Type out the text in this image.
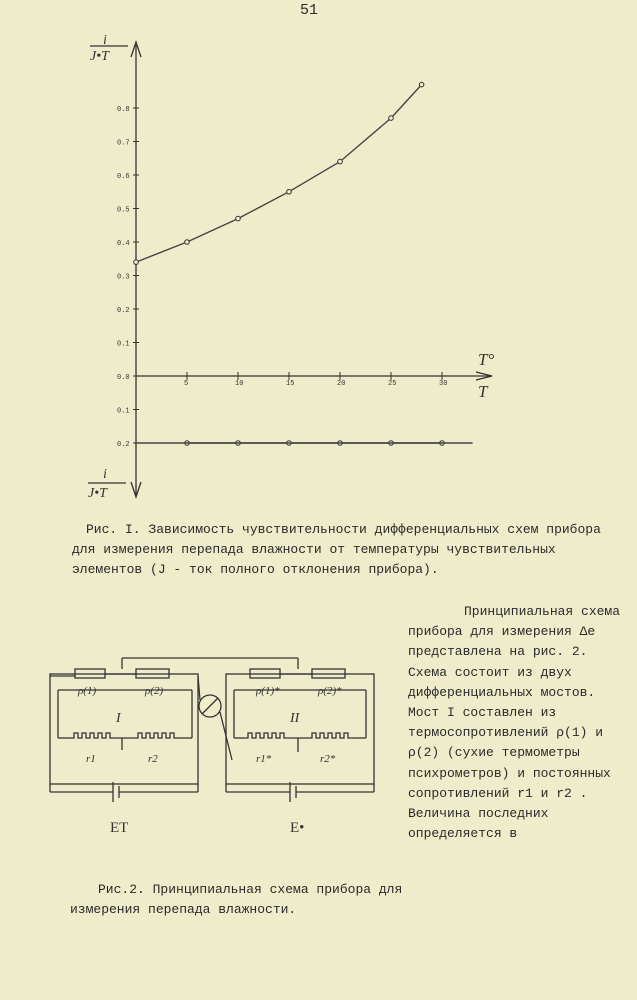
51
i
J•T
i
J•T
T°
T
5	10	15	20	25	30
0.8
0.7
0.6
0.5
0.4
0.3
0.2
0.1
0.0
0.1
0.2

Рис. I. Зависимость чувствительности дифференциальных схем прибора для измерения перепада влажности от температуры чувствительных элементов (J - ток полного отклонения прибора).

ρ(1)	ρ(2)	ρ(1)*	ρ(2)*
I	II
r1	r2	r1*	r2*
ET	E•

Рис.2. Принципиальная схема прибора для измерения перепада влажности.

Принципиальная схема прибора для измерения Δe представлена на рис. 2. Схема состоит из двух дифференциальных мостов. Мост I составлен из термосопротивлений ρ(1) и ρ(2) (сухие термометры психрометров) и постоянных сопротивлений r1 и r2 . Величина последних определяется в
